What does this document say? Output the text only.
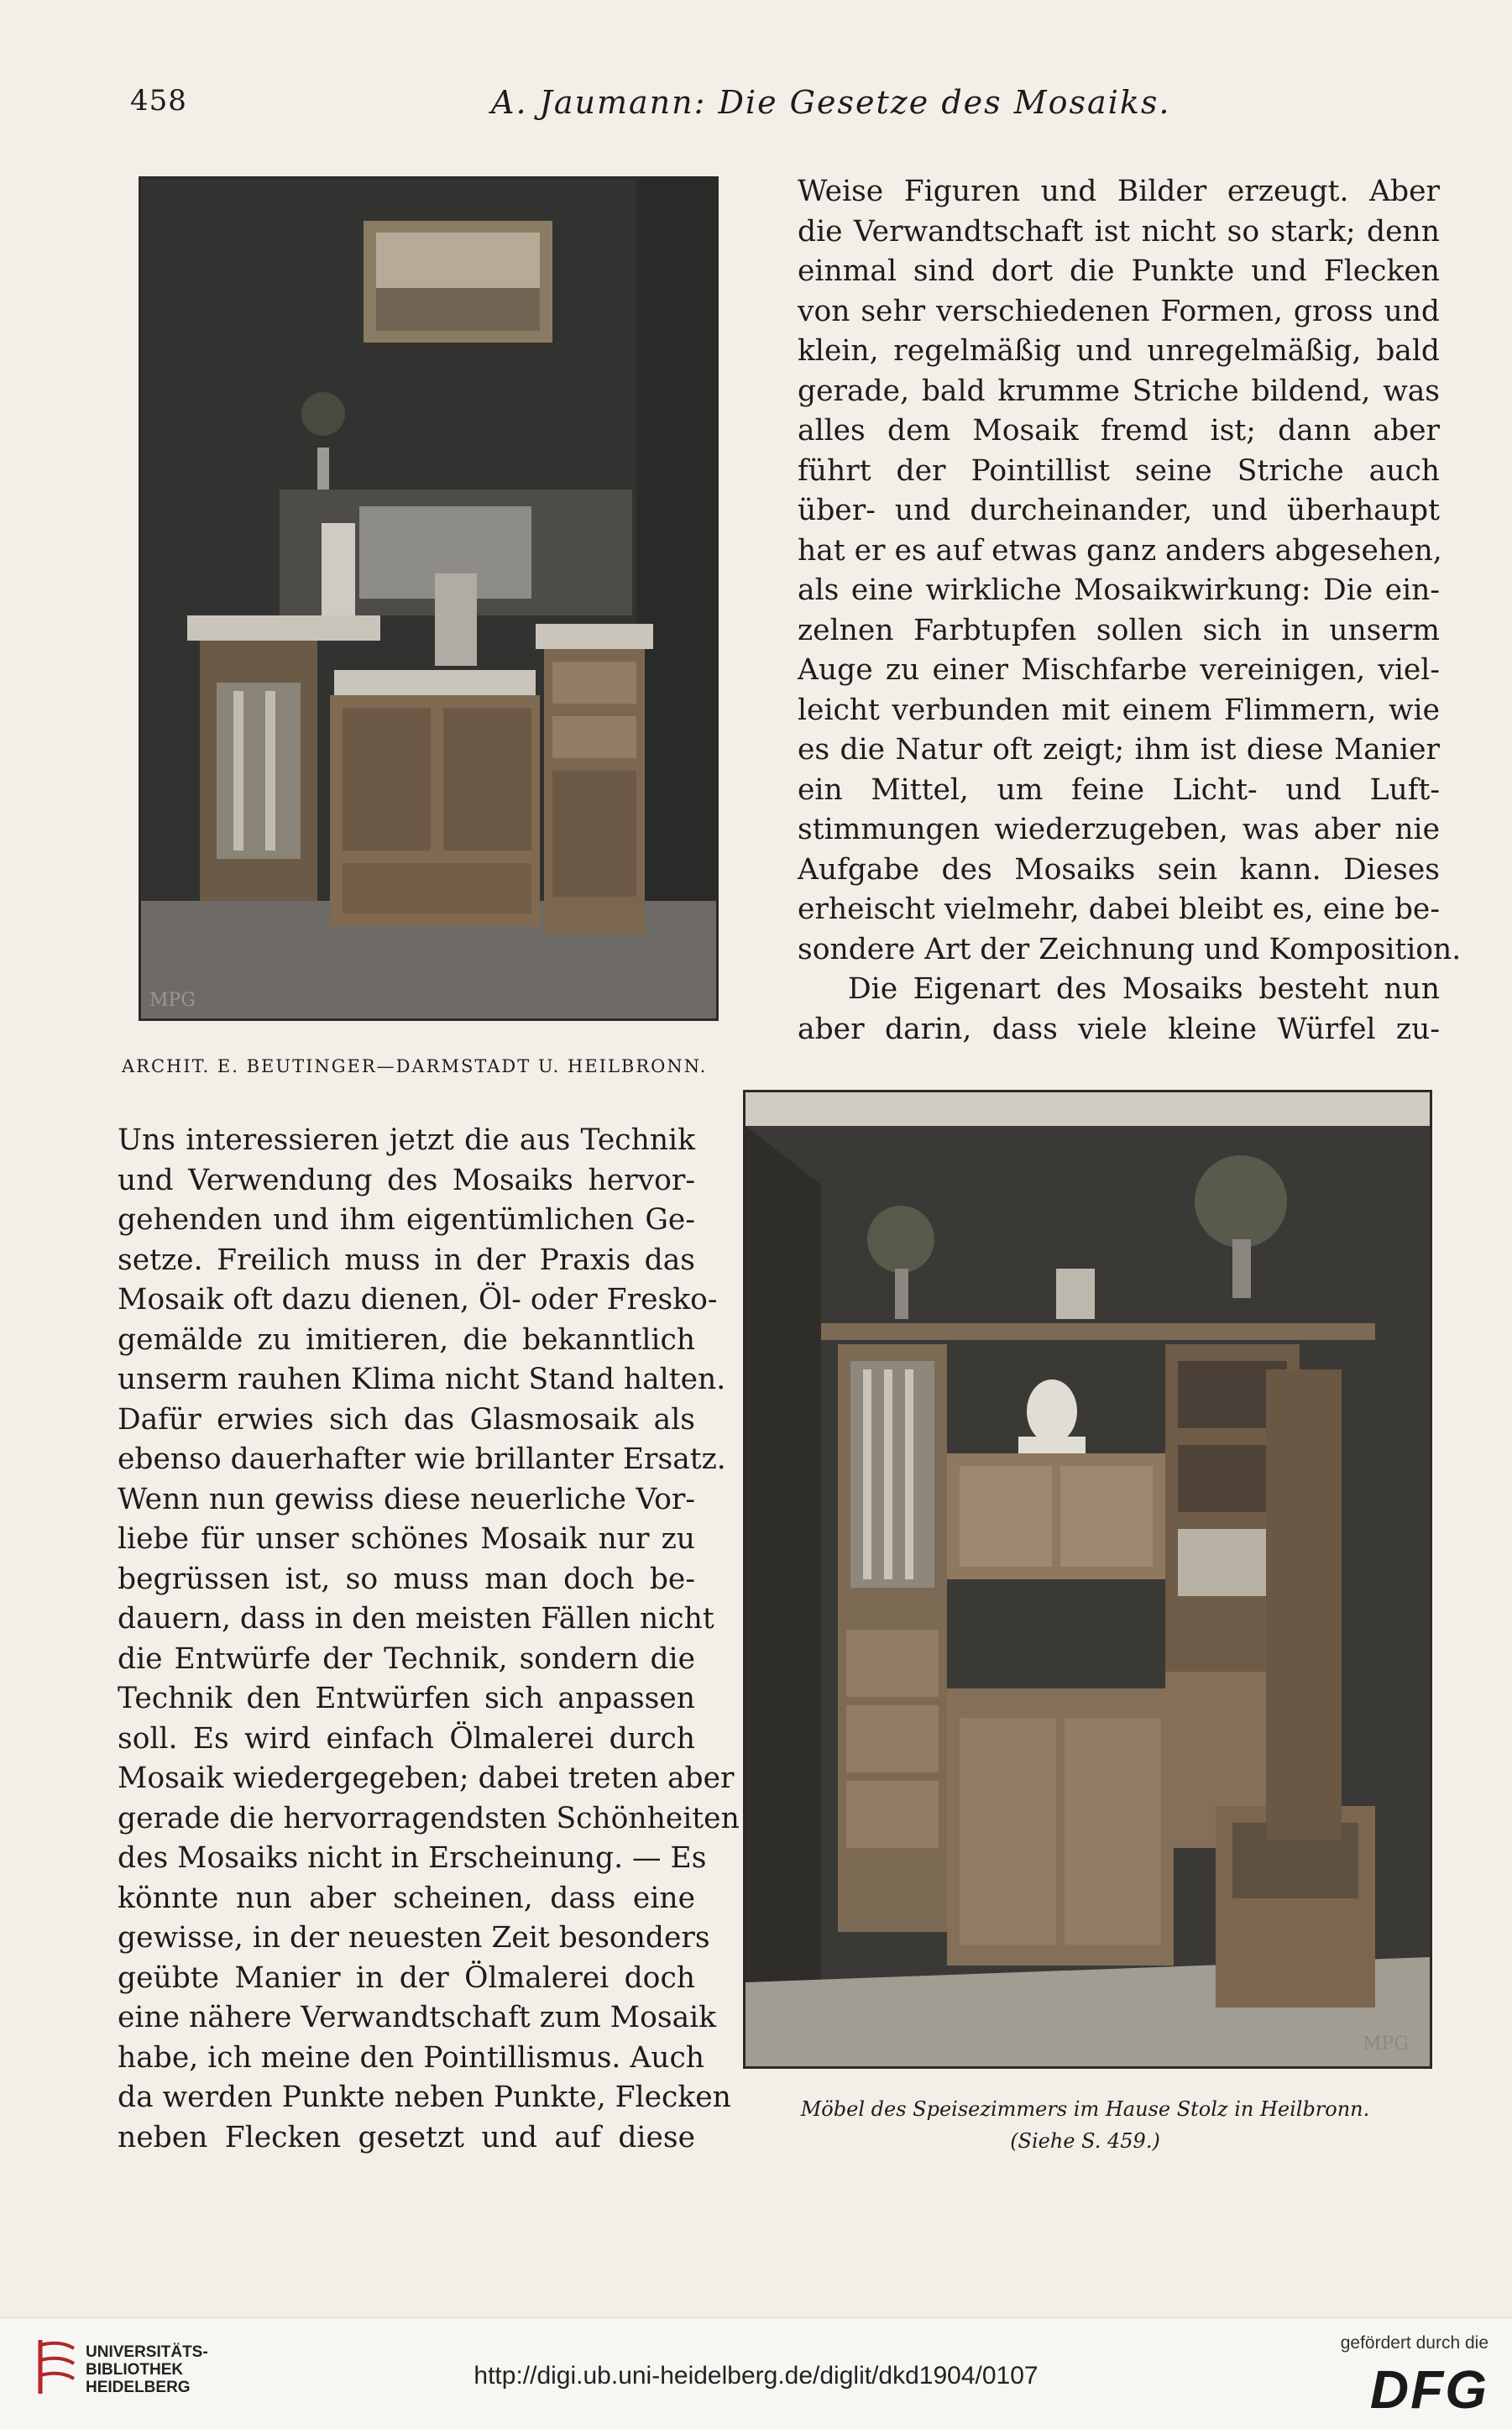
458	A. Jaumann: Die Gesetze des Mosaiks.
MPG
ARCHIT. E. BEUTINGER—DARMSTADT U. HEILBRONN.
MPG
Möbel des Speisezimmers im Hause Stolz in Heilbronn.
(Siehe S. 459.)
Weise Figuren und Bilder erzeugt. Aber
die Verwandtschaft ist nicht so stark; denn
einmal sind dort die Punkte und Flecken
von sehr verschiedenen Formen, gross und
klein, regelmäßig und unregelmäßig, bald
gerade, bald krumme Striche bildend, was
alles dem Mosaik fremd ist; dann aber
führt der Pointillist seine Striche auch
über- und durcheinander, und überhaupt
hat er es auf etwas ganz anders abgesehen,
als eine wirkliche Mosaikwirkung: Die ein-
zelnen Farbtupfen sollen sich in unserm
Auge zu einer Mischfarbe vereinigen, viel-
leicht verbunden mit einem Flimmern, wie
es die Natur oft zeigt; ihm ist diese Manier
ein Mittel, um feine Licht- und Luft-
stimmungen wiederzugeben, was aber nie
Aufgabe des Mosaiks sein kann. Dieses
erheischt vielmehr, dabei bleibt es, eine be-
sondere Art der Zeichnung und Komposition.
Die Eigenart des Mosaiks besteht nun
aber darin, dass viele kleine Würfel zu-
Uns interessieren jetzt die aus Technik
und Verwendung des Mosaiks hervor-
gehenden und ihm eigentümlichen Ge-
setze. Freilich muss in der Praxis das
Mosaik oft dazu dienen, Öl- oder Fresko-
gemälde zu imitieren, die bekanntlich
unserm rauhen Klima nicht Stand halten.
Dafür erwies sich das Glasmosaik als
ebenso dauerhafter wie brillanter Ersatz.
Wenn nun gewiss diese neuerliche Vor-
liebe für unser schönes Mosaik nur zu
begrüssen ist, so muss man doch be-
dauern, dass in den meisten Fällen nicht
die Entwürfe der Technik, sondern die
Technik den Entwürfen sich anpassen
soll. Es wird einfach Ölmalerei durch
Mosaik wiedergegeben; dabei treten aber
gerade die hervorragendsten Schönheiten
des Mosaiks nicht in Erscheinung. — Es
könnte nun aber scheinen, dass eine
gewisse, in der neuesten Zeit besonders
geübte Manier in der Ölmalerei doch
eine nähere Verwandtschaft zum Mosaik
habe, ich meine den Pointillismus. Auch
da werden Punkte neben Punkte, Flecken
neben Flecken gesetzt und auf diese
UNIVERSITÄTS-
BIBLIOTHEK
HEIDELBERG	http://digi.ub.uni-heidelberg.de/diglit/dkd1904/0107
gefördert durch die
DFG
